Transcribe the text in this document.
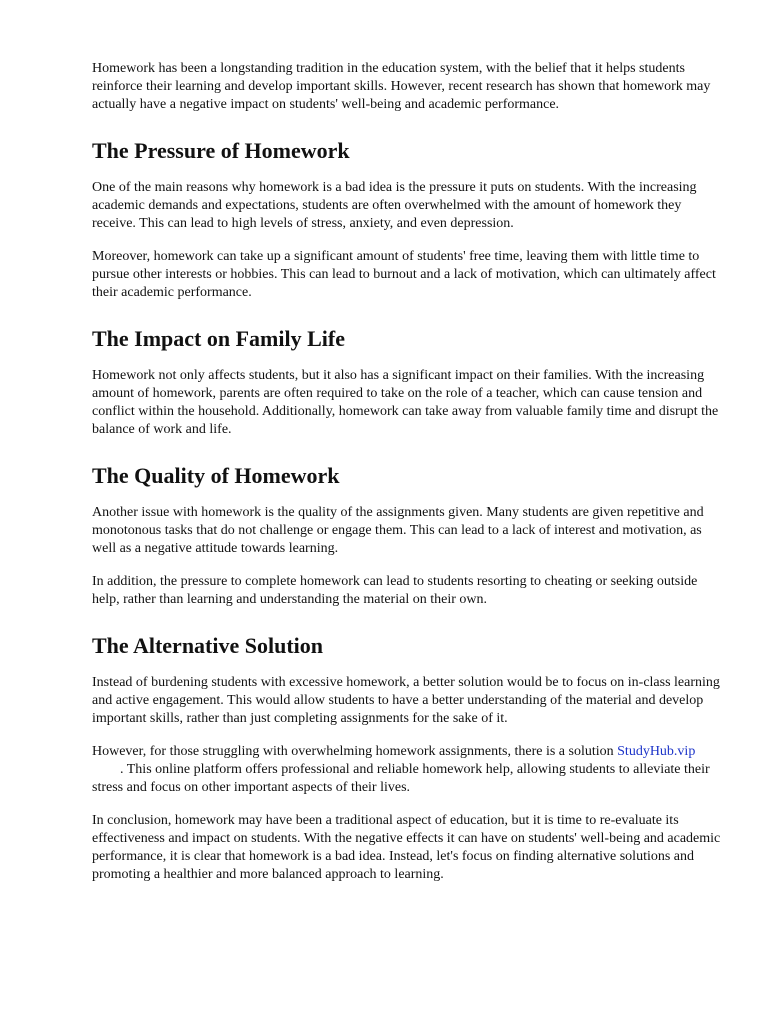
Homework has been a longstanding tradition in the education system, with the belief that it helps students reinforce their learning and develop important skills. However, recent research has shown that homework may actually have a negative impact on students' well-being and academic performance.

The Pressure of Homework

One of the main reasons why homework is a bad idea is the pressure it puts on students. With the increasing academic demands and expectations, students are often overwhelmed with the amount of homework they receive. This can lead to high levels of stress, anxiety, and even depression.

Moreover, homework can take up a significant amount of students' free time, leaving them with little time to pursue other interests or hobbies. This can lead to burnout and a lack of motivation, which can ultimately affect their academic performance.

The Impact on Family Life

Homework not only affects students, but it also has a significant impact on their families. With the increasing amount of homework, parents are often required to take on the role of a teacher, which can cause tension and conflict within the household. Additionally, homework can take away from valuable family time and disrupt the balance of work and life.

The Quality of Homework

Another issue with homework is the quality of the assignments given. Many students are given repetitive and monotonous tasks that do not challenge or engage them. This can lead to a lack of interest and motivation, as well as a negative attitude towards learning.

In addition, the pressure to complete homework can lead to students resorting to cheating or seeking outside help, rather than learning and understanding the material on their own.

The Alternative Solution

Instead of burdening students with excessive homework, a better solution would be to focus on in-class learning and active engagement. This would allow students to have a better understanding of the material and develop important skills, rather than just completing assignments for the sake of it.

However, for those struggling with overwhelming homework assignments, there is a solution StudyHub.vip. This online platform offers professional and reliable homework help, allowing students to alleviate their stress and focus on other important aspects of their lives.

In conclusion, homework may have been a traditional aspect of education, but it is time to re-evaluate its effectiveness and impact on students. With the negative effects it can have on students' well-being and academic performance, it is clear that homework is a bad idea. Instead, let's focus on finding alternative solutions and promoting a healthier and more balanced approach to learning.
